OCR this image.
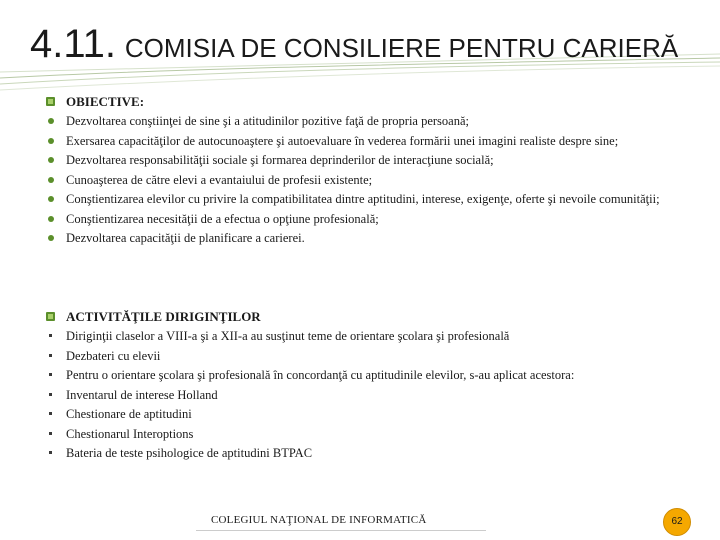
4.11. COMISIA DE CONSILIERE PENTRU CARIERĂ
OBIECTIVE:
Dezvoltarea conştiinţei de sine şi a atitudinilor pozitive faţă de propria persoană;
Exersarea capacităţilor de autocunoaştere şi autoevaluare în vederea formării unei imagini realiste despre sine;
Dezvoltarea responsabilităţii sociale şi formarea deprinderilor de interacţiune socială;
Cunoaşterea de către elevi a evantaiului de profesii existente;
Conştientizarea elevilor cu privire la compatibilitatea dintre aptitudini, interese, exigenţe, oferte şi nevoile comunităţii;
Conştientizarea necesităţii de a efectua o opţiune profesională;
Dezvoltarea capacităţii de planificare a carierei.
ACTIVITĂŢILE DIRIGINŢILOR
Diriginţii claselor a VIII-a şi a XII-a au susţinut teme de orientare şcolara şi profesională
Dezbateri cu elevii
Pentru o orientare şcolara şi profesională în concordanţă cu aptitudinile elevilor, s-au aplicat acestora:
Inventarul de interese Holland
Chestionare de aptitudini
Chestionarul Interoptions
Bateria de teste psihologice de aptitudini BTPAC
COLEGIUL NAŢIONAL DE INFORMATICĂ	62
